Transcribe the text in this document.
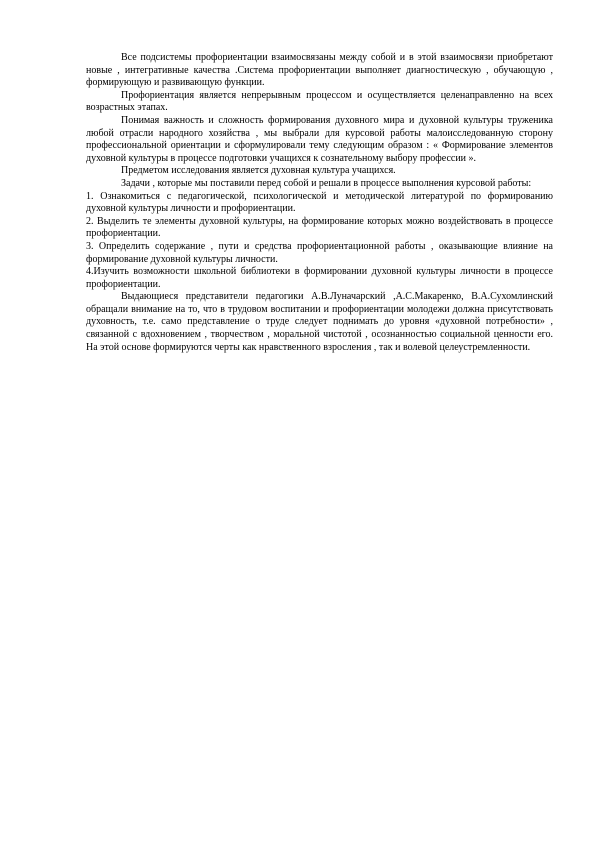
Все подсистемы профориентации взаимосвязаны между собой и в этой взаимосвязи приобретают новые , интегративные качества .Система профориентации выполняет диагностическую , обучающую , формирующую и развивающую функции.

Профориентация является непрерывным процессом и осуществляется целенаправленно на всех возрастных этапах.

Понимая важность и сложность формирования духовного мира и духовной культуры труженика любой отрасли народного хозяйства , мы выбрали для курсовой работы малоисследованную сторону профессиональной ориентации и сформулировали тему следующим образом : « Формирование элементов духовной культуры в процессе подготовки учащихся к сознательному выбору профессии ».

Предметом исследования является духовная культура учащихся.

Задачи , которые мы поставили перед собой и решали в процессе выполнения курсовой работы:

1. Ознакомиться с педагогической, психологической и методической литературой по формированию духовной культуры личности и профориентации.

2. Выделить те элементы духовной культуры, на формирование которых можно воздействовать в процессе профориентации.

3. Определить содержание , пути и средства профориентационной работы , оказывающие влияние на формирование духовной культуры личности.

4.Изучить возможности школьной библиотеки в формировании духовной культуры личности в процессе профориентации.

Выдающиеся представители педагогики А.В.Луначарский ,А.С.Макаренко, В.А.Сухомлинский обращали внимание на то, что в трудовом воспитании и профориентации молодежи должна присутствовать духовность, т.е. само представление о труде следует поднимать до уровня «духовной потребности» , связанной с вдохновением , творчеством , моральной чистотой , осознанностью социальной ценности его. На этой основе формируются черты как нравственного взросления , так и волевой целеустремленности.
